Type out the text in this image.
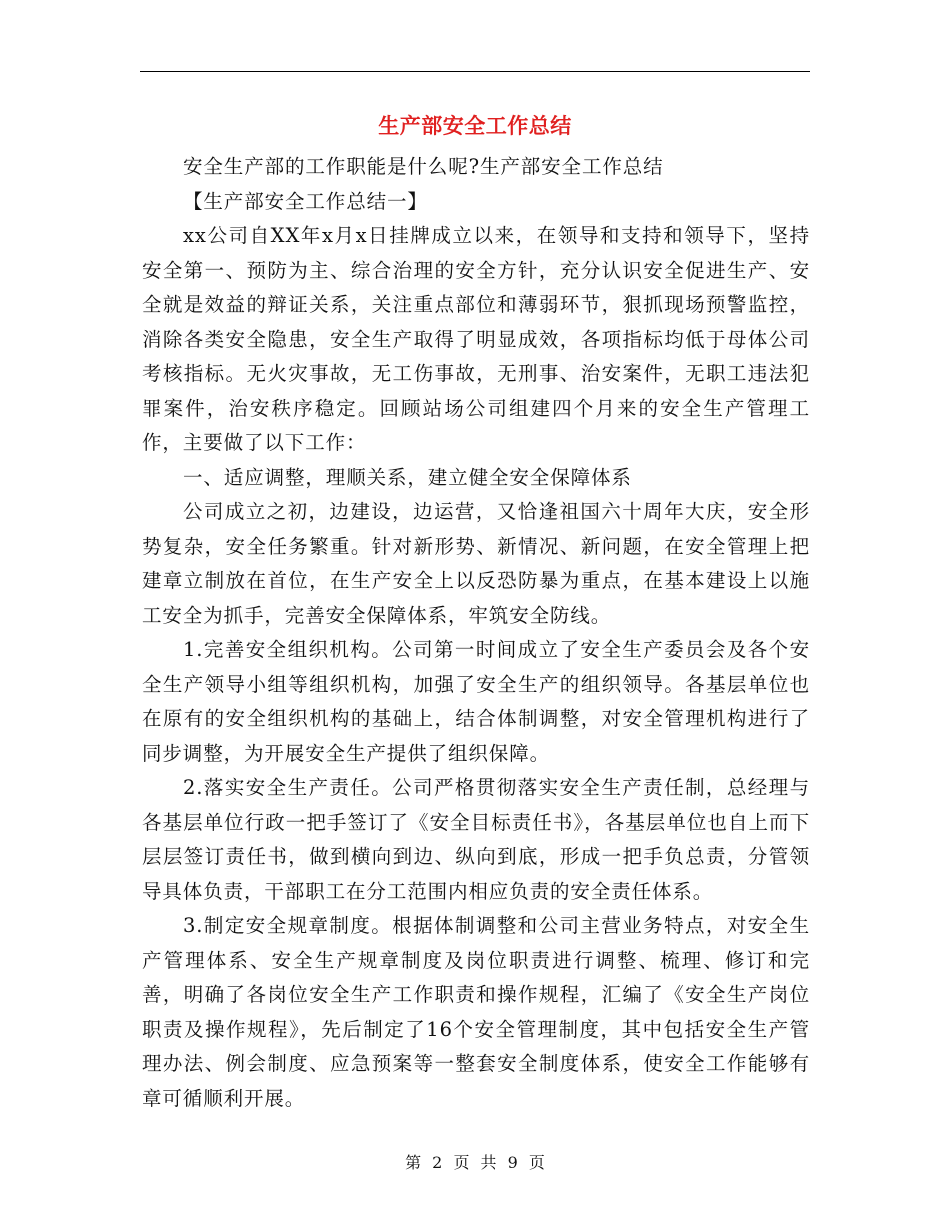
生产部安全工作总结

安全生产部的工作职能是什么呢?生产部安全工作总结

【生产部安全工作总结一】

xx公司自XX年x月x日挂牌成立以来，在领导和支持和领导下，坚持安全第一、预防为主、综合治理的安全方针，充分认识安全促进生产、安全就是效益的辩证关系，关注重点部位和薄弱环节，狠抓现场预警监控，消除各类安全隐患，安全生产取得了明显成效，各项指标均低于母体公司考核指标。无火灾事故，无工伤事故，无刑事、治安案件，无职工违法犯罪案件，治安秩序稳定。回顾站场公司组建四个月来的安全生产管理工作，主要做了以下工作：

一、适应调整，理顺关系，建立健全安全保障体系

公司成立之初，边建设，边运营，又恰逢祖国六十周年大庆，安全形势复杂，安全任务繁重。针对新形势、新情况、新问题，在安全管理上把建章立制放在首位，在生产安全上以反恐防暴为重点，在基本建设上以施工安全为抓手，完善安全保障体系，牢筑安全防线。

1.完善安全组织机构。公司第一时间成立了安全生产委员会及各个安全生产领导小组等组织机构，加强了安全生产的组织领导。各基层单位也在原有的安全组织机构的基础上，结合体制调整，对安全管理机构进行了同步调整，为开展安全生产提供了组织保障。

2.落实安全生产责任。公司严格贯彻落实安全生产责任制，总经理与各基层单位行政一把手签订了《安全目标责任书》，各基层单位也自上而下层层签订责任书，做到横向到边、纵向到底，形成一把手负总责，分管领导具体负责，干部职工在分工范围内相应负责的安全责任体系。

3.制定安全规章制度。根据体制调整和公司主营业务特点，对安全生产管理体系、安全生产规章制度及岗位职责进行调整、梳理、修订和完善，明确了各岗位安全生产工作职责和操作规程，汇编了《安全生产岗位职责及操作规程》，先后制定了16个安全管理制度，其中包括安全生产管理办法、例会制度、应急预案等一整套安全制度体系，使安全工作能够有章可循顺利开展。

第 2 页 共 9 页
